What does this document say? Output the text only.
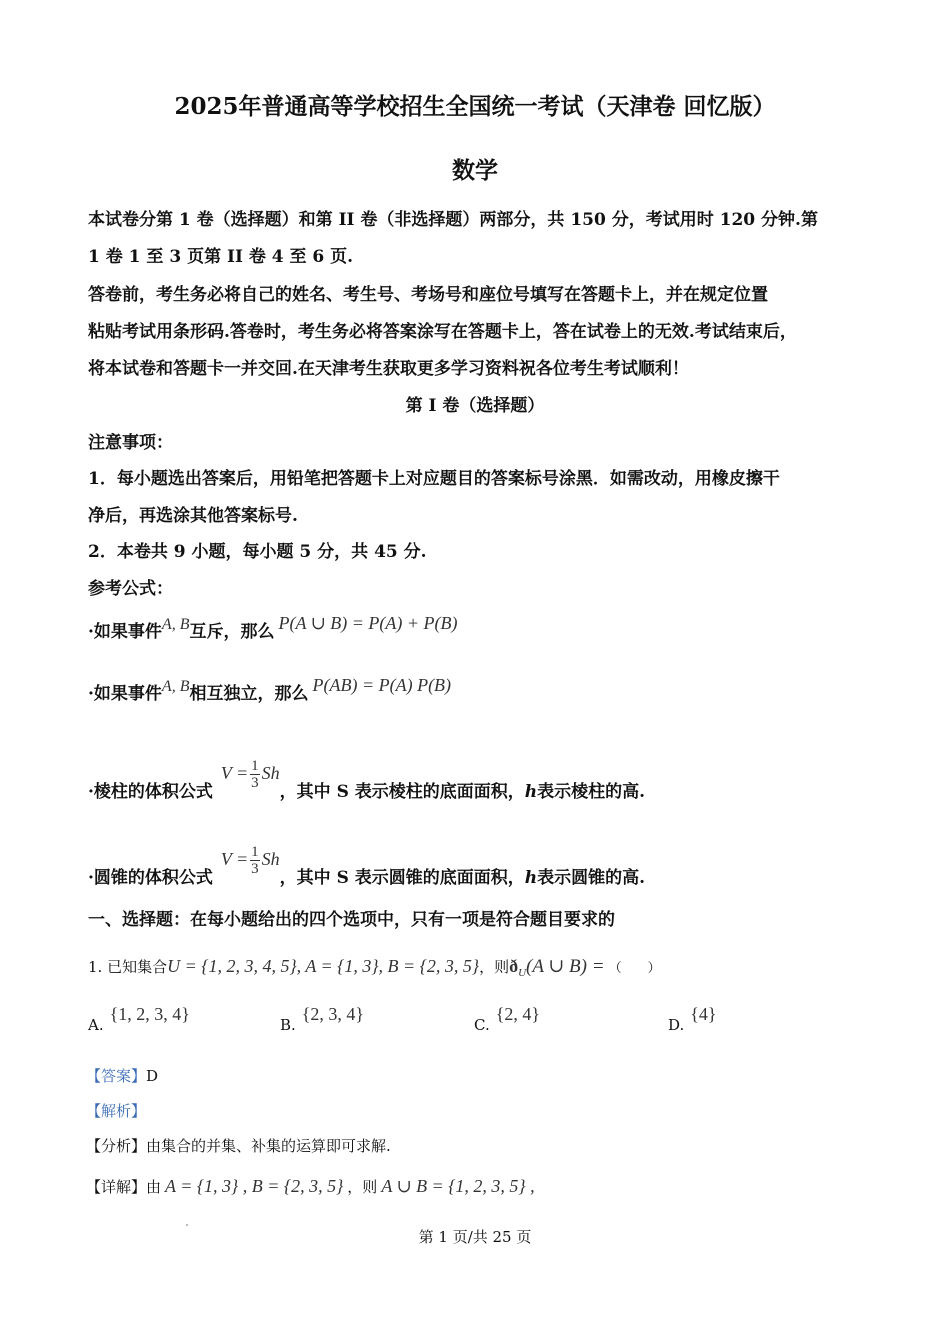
2025年普通高等学校招生全国统一考试（天津卷 回忆版）
数学
本试卷分第 1 卷（选择题）和第 II 卷（非选择题）两部分，共 150 分，考试用时 120 分钟.第
1 卷 1 至 3 页第 II 卷 4 至 6 页.
答卷前，考生务必将自己的姓名、考生号、考场号和座位号填写在答题卡上，并在规定位置
粘贴考试用条形码.答卷时，考生务必将答案涂写在答题卡上，答在试卷上的无效.考试结束后，
将本试卷和答题卡一并交回.在天津考生获取更多学习资料祝各位考生考试顺利！
第 I 卷（选择题）
注意事项：
1．每小题选出答案后，用铅笔把答题卡上对应题目的答案标号涂黑．如需改动，用橡皮擦干
净后，再选涂其他答案标号.
2．本卷共 9 小题，每小题 5 分，共 45 分.
参考公式：
·如果事件A, B互斥，那么 P(A ∪ B) = P(A) + P(B)
·如果事件A, B相互独立，那么 P(AB) = P(A) P(B)
·棱柱的体积公式 $V = \frac{1}{3}$ Sh，其中 S 表示棱柱的底面面积，h表示棱柱的高.
·圆锥的体积公式 $V = \frac{1}{3}$ Sh，其中 S 表示圆锥的底面面积，h表示圆锥的高.
一、选择题：在每小题给出的四个选项中，只有一项是符合题目要求的
1. 已知集合U = {1, 2, 3, 4, 5}, A = {1, 3}, B = {2, 3, 5}，则$ð_U(A$ ∪ B) = （　　）
A.{1, 2, 3, 4}
B.{2, 3, 4}
C.{2, 4}
D.{4}
【答案】D
【解析】
【分析】由集合的并集、补集的运算即可求解.
【详解】由 A = {1, 3} , B = {2, 3, 5} ，则 A ∪ B = {1, 2, 3, 5} ,
第 1 页/共 25 页
